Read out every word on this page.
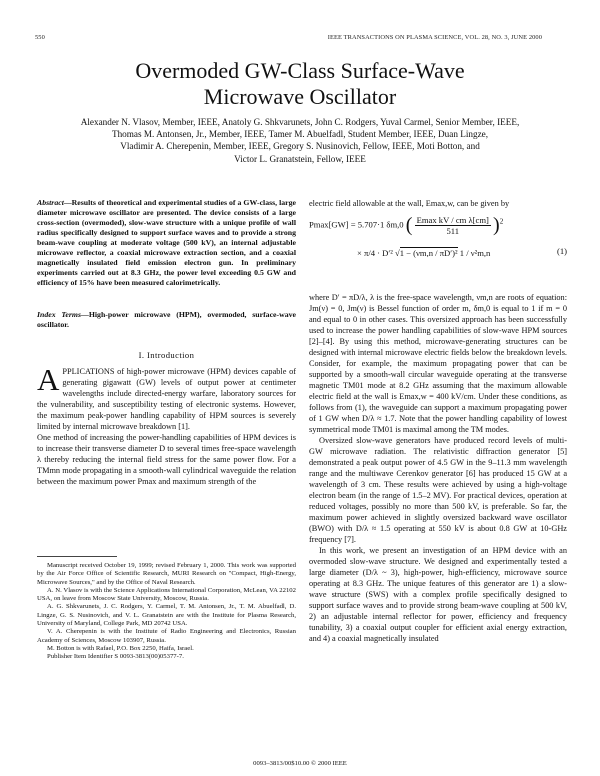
550	IEEE TRANSACTIONS ON PLASMA SCIENCE, VOL. 28, NO. 3, JUNE 2000
Overmoded GW-Class Surface-Wave
Microwave Oscillator
Alexander N. Vlasov, Member, IEEE, Anatoly G. Shkvarunets, John C. Rodgers, Yuval Carmel, Senior Member, IEEE,
Thomas M. Antonsen, Jr., Member, IEEE, Tamer M. Abuelfadl, Student Member, IEEE, Duan Lingze,
Vladimir A. Cherepenin, Member, IEEE, Gregory S. Nusinovich, Fellow, IEEE, Moti Botton, and
Victor L. Granatstein, Fellow, IEEE
Abstract—Results of theoretical and experimental studies of a GW-class, large diameter microwave oscillator are presented. The device consists of a large cross-section (overmoded), slow-wave structure with a unique profile of wall radius specifically designed to support surface waves and to provide a strong beam-wave coupling at moderate voltage (500 kV), an internal adjustable microwave reflector, a coaxial microwave extraction section, and a coaxial magnetically insulated field emission electron gun. In preliminary experiments carried out at 8.3 GHz, the power level exceeding 0.5 GW and efficiency of 15% have been measured calorimetrically.
Index Terms—High-power microwave (HPM), overmoded, surface-wave oscillator.
I. Introduction

APPLICATIONS of high-power microwave (HPM) devices capable of generating gigawatt (GW) levels of output power at centimeter wavelengths include directed-energy warfare, laboratory sources for the vulnerability, and susceptibility testing of electronic systems. However, the maximum peak-power handling capability of HPM sources is severely limited by internal microwave breakdown [1].

One method of increasing the power-handling capabilities of HPM devices is to increase their transverse diameter D to several times free-space wavelength λ thereby reducing the internal field stress for the same power flow. For a TMmn mode propagating in a smooth-wall cylindrical waveguide the relation between the maximum power Pmax and maximum strength of the

Manuscript received October 19, 1999; revised February 1, 2000. This work was supported by the Air Force Office of Scientific Research, MURI Research on "Compact, High-Energy, Microwave Sources," and by the Office of Naval Research.

A. N. Vlasov is with the Science Applications International Corporation, McLean, VA 22102 USA, on leave from Moscow State University, Moscow, Russia.

A. G. Shkvarunets, J. C. Rodgers, Y. Carmel, T. M. Antonsen, Jr., T. M. Abuelfadl, D. Lingze, G. S. Nusinovich, and V. L. Granatstein are with the Institute for Plasma Research, University of Maryland, College Park, MD 20742 USA.

V. A. Cherepenin is with the Institute of Radio Engineering and Electronics, Russian Academy of Sciences, Moscow 103907, Russia.

M. Botton is with Rafael, P.O. Box 2250, Haifa, Israel.

Publisher Item Identifier S 0093-3813(00)05377-7.

electric field allowable at the wall, Emax,w, can be given by
Pmax[GW] = 5.707·1 δm,0 ( $\frac{\text{Emax kV / cm λ[cm]}}{511} )^2$
× π/4 · D′² √1 − (νm,n / πD′)² 1 / ν²m,n	(1)

where D′ = πD/λ, λ is the free-space wavelength, νm,n are roots of equation: Jm(ν) = 0, Jm(ν) is Bessel function of order m, δm,0 is equal to 1 if m = 0 and equal to 0 in other cases. This oversized approach has been successfully used to increase the power handling capabilities of slow-wave HPM sources [2]–[4]. By using this method, microwave-generating structures can be designed with internal microwave electric fields below the breakdown levels. Consider, for example, the maximum propagating power that can be supported by a smooth-wall circular waveguide operating at the transverse magnetic TM01 mode at 8.2 GHz assuming that the maximum allowable electric field at the wall is Emax,w = 400 kV/cm. Under these conditions, as follows from (1), the waveguide can support a maximum propagating power of 1 GW when D/λ ≈ 1.7. Note that the power handling capability of lowest symmetrical mode TM01 is maximal among the TM modes.

Oversized slow-wave generators have produced record levels of multi-GW microwave radiation. The relativistic diffraction generator [5] demonstrated a peak output power of 4.5 GW in the 9–11.3 mm wavelength range and the multiwave Cerenkov generator [6] has produced 15 GW at a wavelength of 3 cm. These results were achieved by using a high-voltage electron beam (in the range of 1.5–2 MV). For practical devices, operation at reduced voltages, possibly no more than 500 kV, is preferable. So far, the maximum power achieved in slightly oversized backward wave oscillator (BWO) with D/λ ≈ 1.5 operating at 550 kV is about 0.8 GW at 10-GHz frequency [7].

In this work, we present an investigation of an HPM device with an overmoded slow-wave structure. We designed and experimentally tested a large diameter (D/λ ~ 3), high-power, high-efficiency, microwave source operating at 8.3 GHz. The unique features of this generator are 1) a slow-wave structure (SWS) with a complex profile specifically designed to support surface waves and to provide strong beam-wave coupling at 500 kV, 2) an adjustable internal reflector for power, efficiency and frequency tunability, 3) a coaxial output coupler for efficient axial energy extraction, and 4) a coaxial magnetically insulated

0093–3813/00$10.00 © 2000 IEEE
